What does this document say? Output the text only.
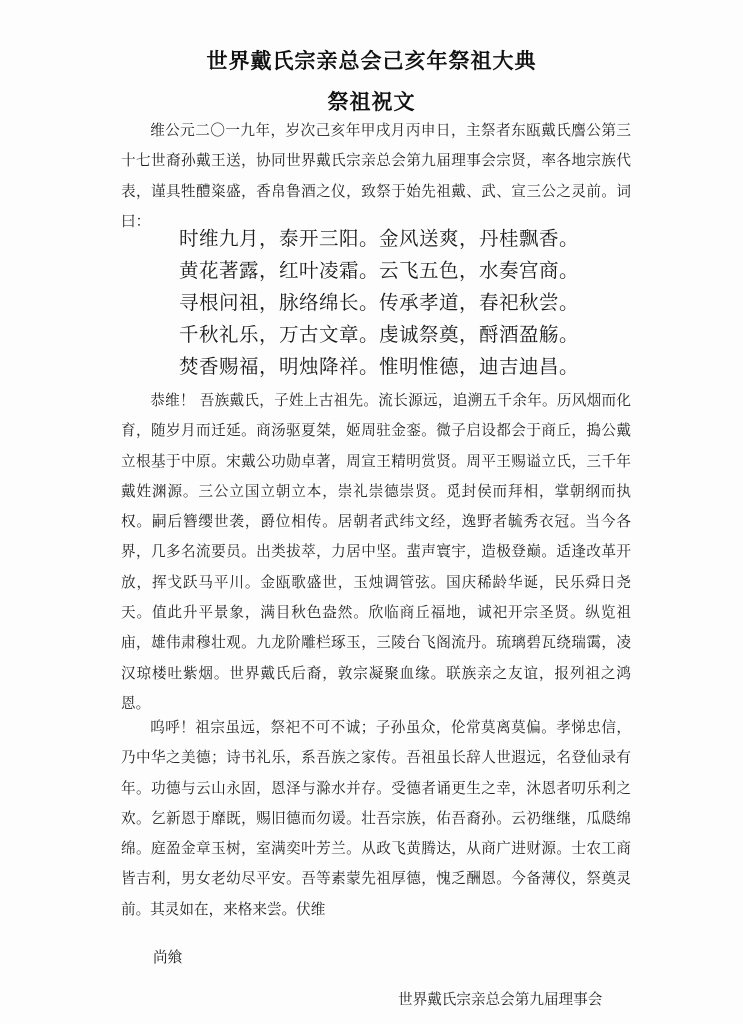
世界戴氏宗亲总会己亥年祭祖大典
祭祖祝文

维公元二〇一九年，岁次己亥年甲戌月丙申日，主祭者东瓯戴氏譍公第三十七世裔孙戴王送，协同世界戴氏宗亲总会第九届理事会宗贤，率各地宗族代表，谨具牲醴粢盛，香帛鲁酒之仪，致祭于始先祖戴、武、宣三公之灵前。词曰：

时维九月，泰开三阳。金风送爽，丹桂飘香。
黄花著露，红叶凌霜。云飞五色，水奏宫商。
寻根问祖，脉络绵长。传承孝道，春祀秋尝。
千秋礼乐，万古文章。虔诚祭奠，酹酒盈觞。
焚香赐福，明烛降祥。惟明惟德，迪吉迪昌。

恭维！ 吾族戴氏，子姓上古祖先。流长源远，追溯五千余年。历风烟而化育，随岁月而迁延。商汤驱夏桀，姬周驻金銮。微子启设都会于商丘，搗公戴立根基于中原。宋戴公功勋卓著，周宣王精明赏贤。周平王赐谥立氏，三千年戴姓渊源。三公立国立朝立本，崇礼崇德崇贤。觅封侯而拜相，掌朝纲而执权。嗣后簪缨世袭，爵位相传。居朝者武纬文经，逸野者毓秀衣冠。当今各界，几多名流要员。出类拔萃，力居中坚。蜚声寰宇，造极登巅。适逢改革开放，挥戈跃马平川。金瓯歌盛世，玉烛调管弦。国庆稀龄华诞，民乐舜日尧天。值此升平景象，满目秋色盎然。欣临商丘福地，诚祀开宗圣贤。纵览祖庙，雄伟肃穆壮观。九龙阶雕栏琢玉，三陵台飞阁流丹。琉璃碧瓦绕瑞霭，凌汉琼楼吐紫烟。世界戴氏后裔，敦宗凝聚血缘。联族亲之友谊，报列祖之鸿恩。

呜呼！祖宗虽远，祭祀不可不诚；子孙虽众，伦常莫离莫偏。孝悌忠信，乃中华之美德；诗书礼乐，系吾族之家传。吾祖虽长辞人世遐远，名登仙录有年。功德与云山永固，恩泽与滁水并存。受德者诵更生之幸，沐恩者叨乐利之欢。乞新恩于靡既，赐旧德而勿谖。壮吾宗族，佑吾裔孙。云礽继继，瓜瓞绵绵。庭盈金章玉树，室满奕叶芳兰。从政飞黄腾达，从商广进财源。士农工商皆吉利，男女老幼尽平安。吾等素蒙先祖厚德，愧乏酬恩。今备薄仪，祭奠灵前。其灵如在，来格来尝。伏维

尚飨
世界戴氏宗亲总会第九届理事会
